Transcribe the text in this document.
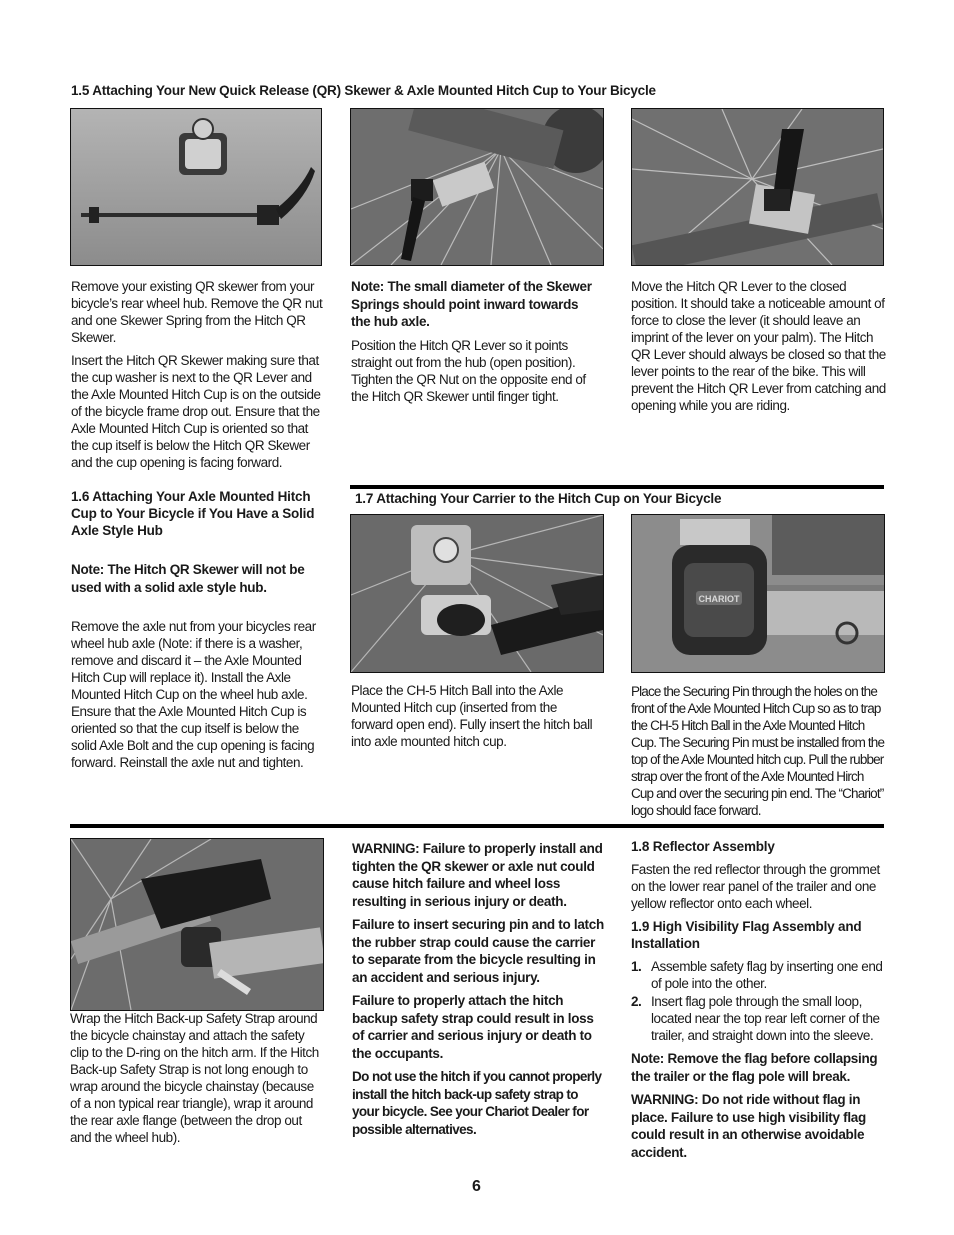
1.5 Attaching Your New Quick Release (QR) Skewer & Axle Mounted Hitch Cup to Your Bicycle

Remove your existing QR skewer from your bicycle’s rear wheel hub. Remove the QR nut and one Skewer Spring from the Hitch QR Skewer.

Insert the Hitch QR Skewer making sure that the cup washer is next to the QR Lever and the Axle Mounted Hitch Cup is on the outside of the bicycle frame drop out. Ensure that the Axle Mounted Hitch Cup is oriented so that the cup itself is below the Hitch QR Skewer and the cup opening is facing forward.

Note: The small diameter of the Skewer Springs should point inward towards the hub axle.

Position the Hitch QR Lever so it points straight out from the hub (open position). Tighten the QR Nut on the opposite end of the Hitch QR Skewer until finger tight.

Move the Hitch QR Lever to the closed position. It should take a noticeable amount of force to close the lever (it should leave an imprint of the lever on your palm). The Hitch QR Lever should always be closed so that the lever points to the rear of the bike. This will prevent the Hitch QR Lever from catching and opening while you are riding.

1.6 Attaching Your Axle Mounted Hitch Cup to Your Bicycle if You Have a Solid Axle Style Hub

Note: The Hitch QR Skewer will not be used with a solid axle style hub.

Remove the axle nut from your bicycles rear wheel hub axle (Note: if there is a washer, remove and discard it – the Axle Mounted Hitch Cup will replace it). Install the Axle Mounted Hitch Cup on the wheel hub axle. Ensure that the Axle Mounted Hitch Cup is oriented so that the cup itself is below the solid Axle Bolt and the cup opening is facing forward. Reinstall the axle nut and tighten.

1.7 Attaching Your Carrier to the Hitch Cup on Your Bicycle
CHARIOT

Place the CH-5 Hitch Ball into the Axle Mounted Hitch cup (inserted from the forward open end). Fully insert the hitch ball into axle mounted hitch cup.

Place the Securing Pin through the holes on the front of the Axle Mounted Hitch Cup so as to trap the CH-5 Hitch Ball in the Axle Mounted Hitch Cup. The Securing Pin must be installed from the top of the Axle Mounted hitch cup. Pull the rubber strap over the front of the Axle Mounted Hirch Cup and over the securing pin end. The “Chariot” logo should face forward.

Wrap the Hitch Back-up Safety Strap around the bicycle chainstay and attach the safety clip to the D-ring on the hitch arm. If the Hitch Back-up Safety Strap is not long enough to wrap around the bicycle chainstay (because of a non typical rear triangle), wrap it around the rear axle flange (between the drop out and the wheel hub).

WARNING: Failure to properly install and tighten the QR skewer or axle nut could cause hitch failure and wheel loss resulting in serious injury or death.

Failure to insert securing pin and to latch the rubber strap could cause the carrier to separate from the bicycle resulting in an accident and serious injury.

Failure to properly attach the hitch backup safety strap could result in loss of carrier and serious injury or death to the occupants.

Do not use the hitch if you cannot properly install the hitch back-up safety strap to your bicycle. See your Chariot Dealer for possible alternatives.

1.8 Reflector Assembly

Fasten the red reflector through the grommet on the lower rear panel of the trailer and one yellow reflector onto each wheel.

1.9 High Visibility Flag Assembly and Installation
1. Assemble safety flag by inserting one end of pole into the other.
2. Insert flag pole through the small loop, located near the top rear left corner of the trailer, and straight down into the sleeve.

Note: Remove the flag before collapsing the trailer or the flag pole will break.

WARNING: Do not ride without flag in place. Failure to use high visibility flag could result in an otherwise avoidable accident.

6
